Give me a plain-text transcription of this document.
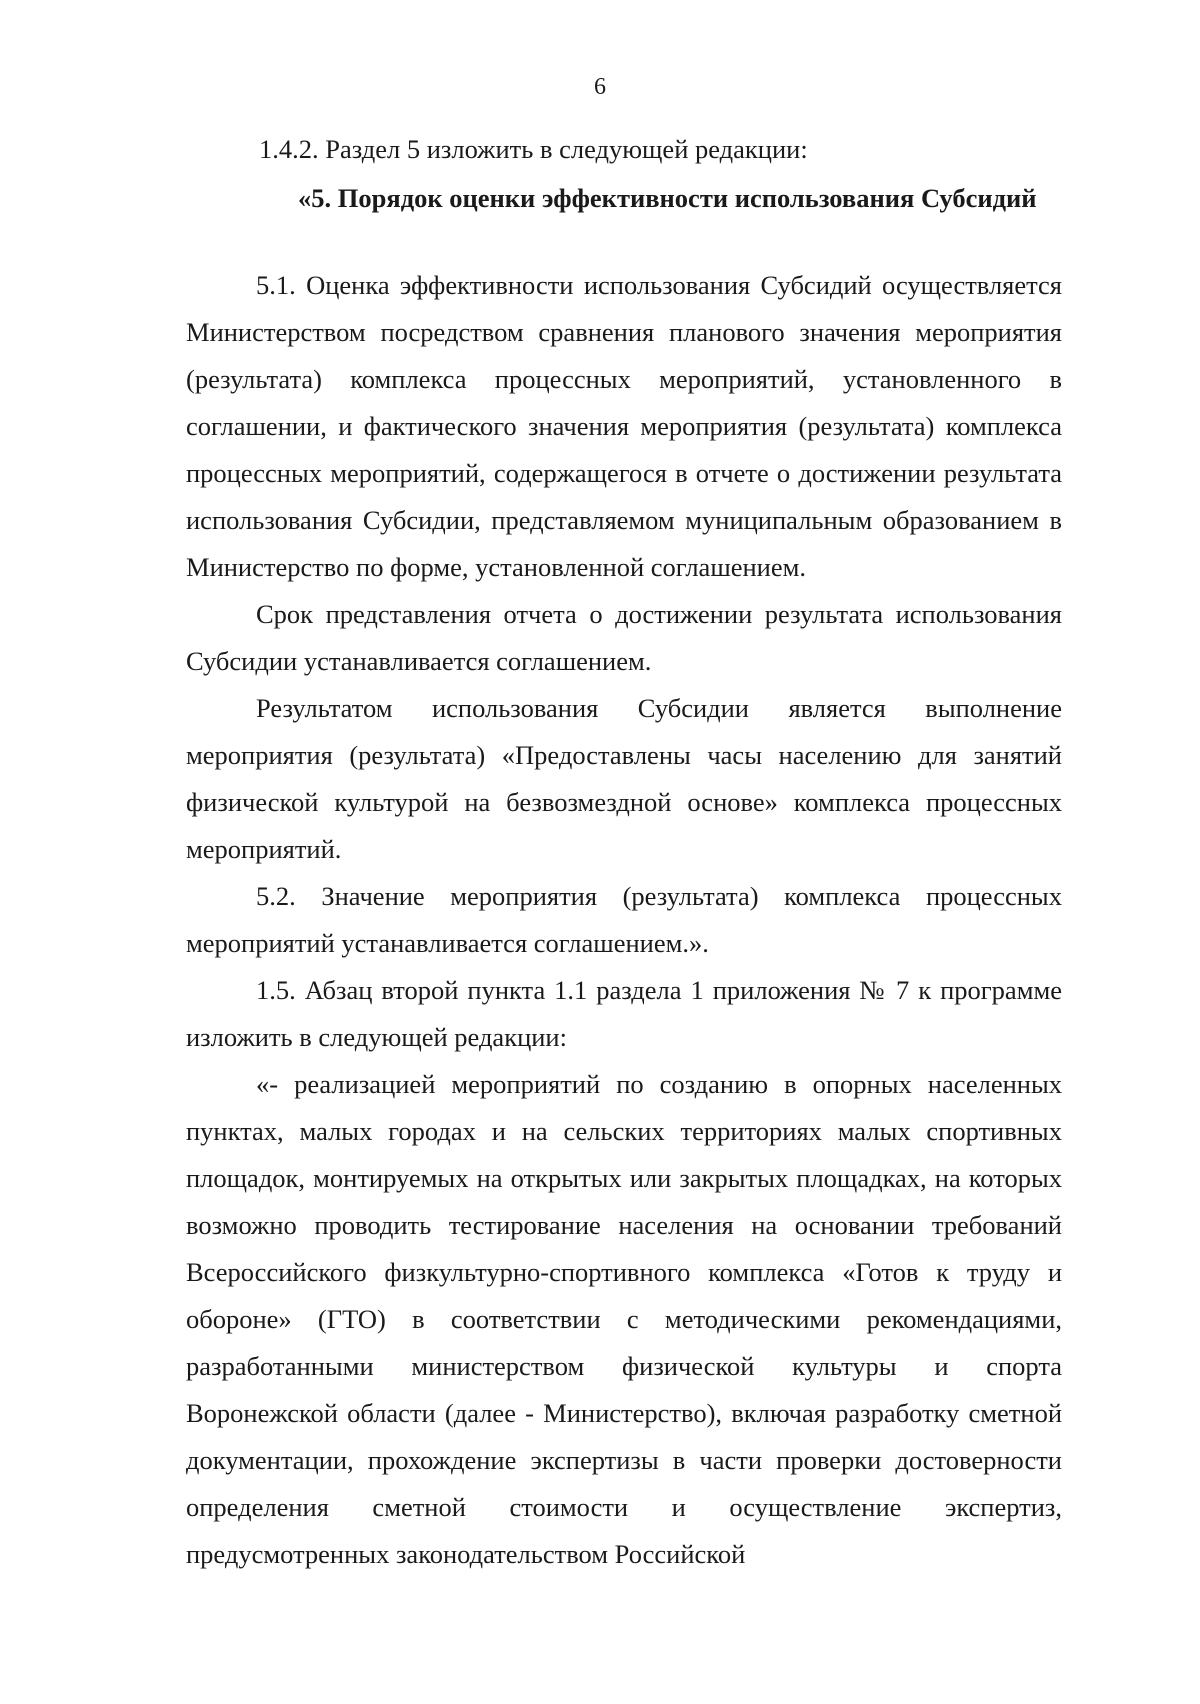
6

1.4.2. Раздел 5 изложить в следующей редакции:

«5. Порядок оценки эффективности использования Субсидий

5.1. Оценка эффективности использования Субсидий осуществляется Министерством посредством сравнения планового значения мероприятия (результата) комплекса процессных мероприятий, установленного в соглашении, и фактического значения мероприятия (результата) комплекса процессных мероприятий, содержащегося в отчете о достижении результата использования Субсидии, представляемом муниципальным образованием в Министерство по форме, установленной соглашением.

Срок представления отчета о достижении результата использования Субсидии устанавливается соглашением.

Результатом использования Субсидии является выполнение мероприятия (результата) «Предоставлены часы населению для занятий физической культурой на безвозмездной основе» комплекса процессных мероприятий.

5.2. Значение мероприятия (результата) комплекса процессных мероприятий устанавливается соглашением.».

1.5. Абзац второй пункта 1.1 раздела 1 приложения № 7 к программе изложить в следующей редакции:

«- реализацией мероприятий по созданию в опорных населенных пунктах, малых городах и на сельских территориях малых спортивных площадок, монтируемых на открытых или закрытых площадках, на которых возможно проводить тестирование населения на основании требований Всероссийского физкультурно-спортивного комплекса «Готов к труду и обороне» (ГТО) в соответствии с методическими рекомендациями, разработанными министерством физической культуры и спорта Воронежской области (далее - Министерство), включая разработку сметной документации, прохождение экспертизы в части проверки достоверности определения сметной стоимости и осуществление экспертиз, предусмотренных законодательством Российской
